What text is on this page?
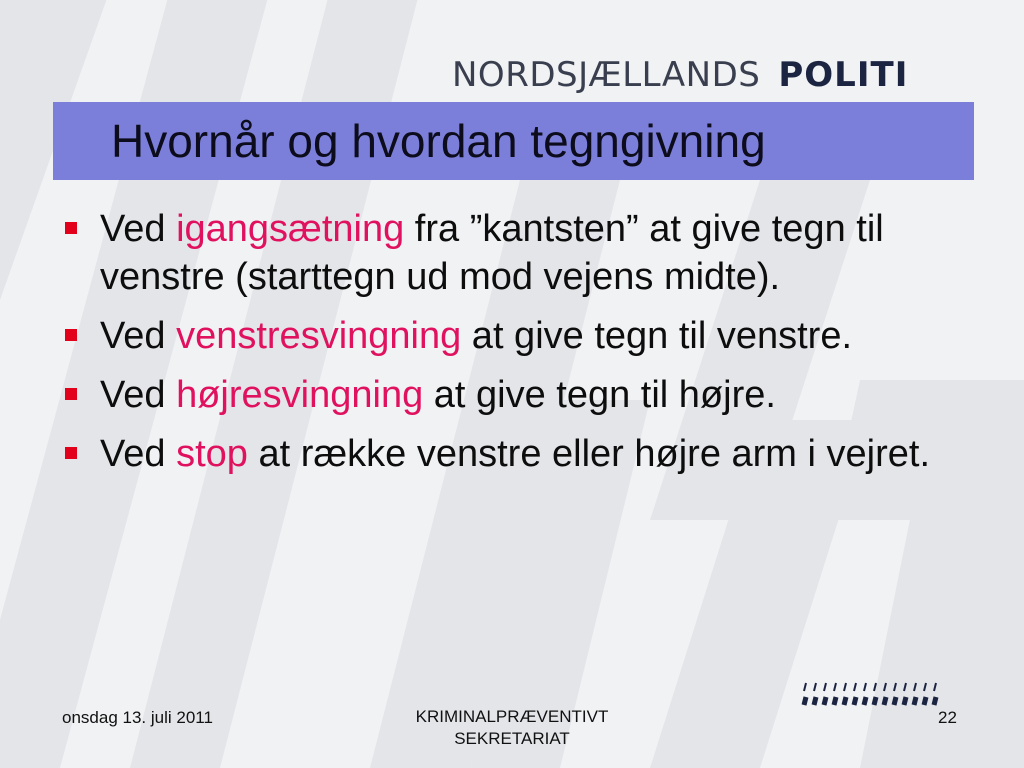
NORDSJÆLLANDS POLITI
Hvornår og hvordan tegngivning
Ved igangsætning fra ”kantsten” at give tegn til venstre (starttegn ud mod vejens midte).
Ved venstresvingning at give tegn til venstre.
Ved højresvingning at give tegn til højre.
Ved stop at række venstre eller højre arm i vejret.
onsdag 13. juli 2011	KRIMINALPRÆVENTIVT
SEKRETARIAT
22
